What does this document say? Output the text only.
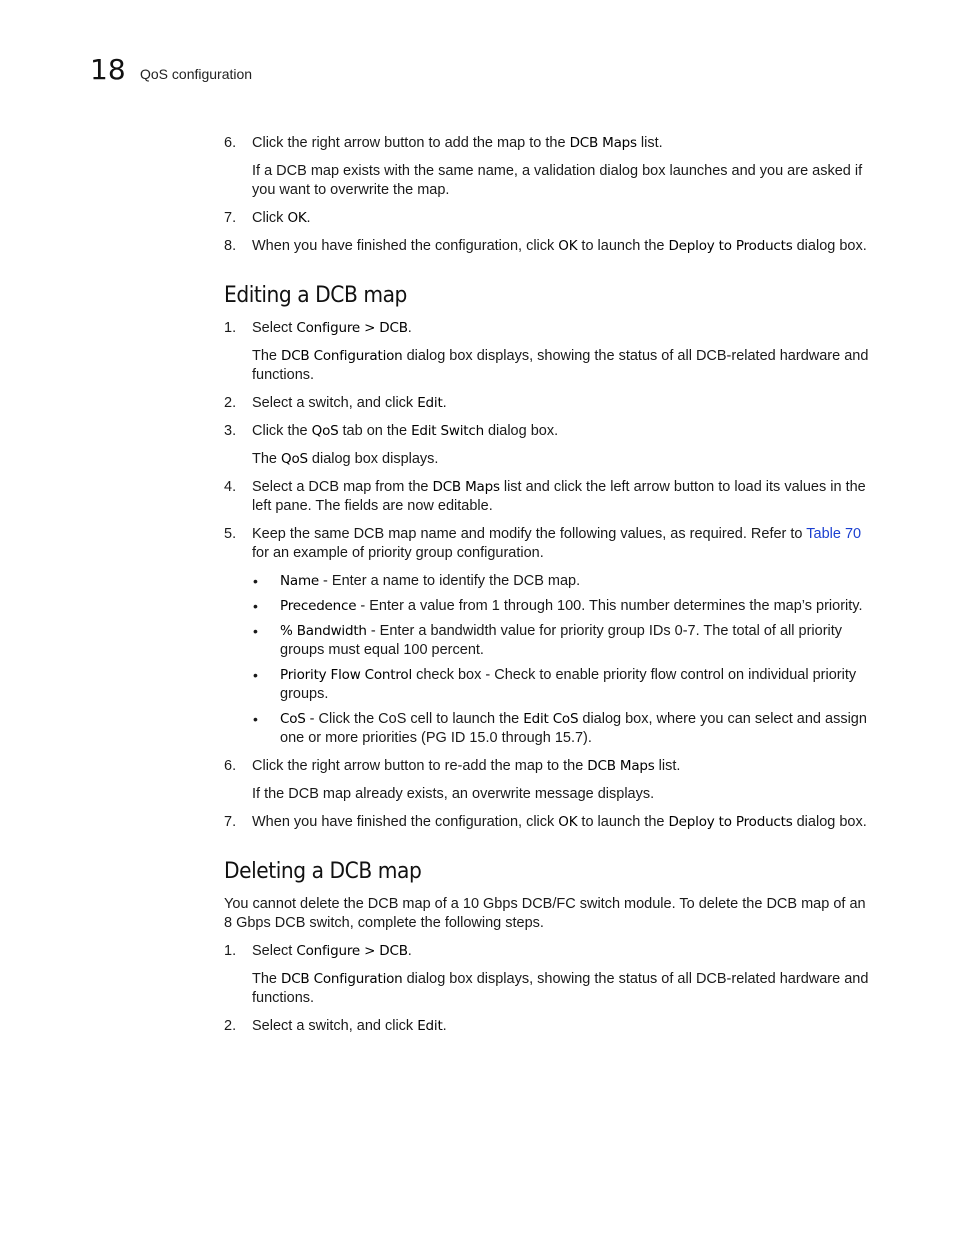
18 QoS configuration
6. Click the right arrow button to add the map to the DCB Maps list.
If a DCB map exists with the same name, a validation dialog box launches and you are asked if you want to overwrite the map.
7. Click OK.
8. When you have finished the configuration, click OK to launch the Deploy to Products dialog box.
Editing a DCB map
1. Select Configure > DCB.
The DCB Configuration dialog box displays, showing the status of all DCB-related hardware and functions.
2. Select a switch, and click Edit.
3. Click the QoS tab on the Edit Switch dialog box.
The QoS dialog box displays.
4. Select a DCB map from the DCB Maps list and click the left arrow button to load its values in the left pane. The fields are now editable.
5. Keep the same DCB map name and modify the following values, as required. Refer to Table 70 for an example of priority group configuration.
• Name - Enter a name to identify the DCB map.
• Precedence - Enter a value from 1 through 100. This number determines the map’s priority.
• % Bandwidth - Enter a bandwidth value for priority group IDs 0-7. The total of all priority groups must equal 100 percent.
• Priority Flow Control check box - Check to enable priority flow control on individual priority groups.
• CoS - Click the CoS cell to launch the Edit CoS dialog box, where you can select and assign one or more priorities (PG ID 15.0 through 15.7).
6. Click the right arrow button to re-add the map to the DCB Maps list.
If the DCB map already exists, an overwrite message displays.
7. When you have finished the configuration, click OK to launch the Deploy to Products dialog box.
Deleting a DCB map
You cannot delete the DCB map of a 10 Gbps DCB/FC switch module. To delete the DCB map of an 8 Gbps DCB switch, complete the following steps.
1. Select Configure > DCB.
The DCB Configuration dialog box displays, showing the status of all DCB-related hardware and functions.
2. Select a switch, and click Edit.
